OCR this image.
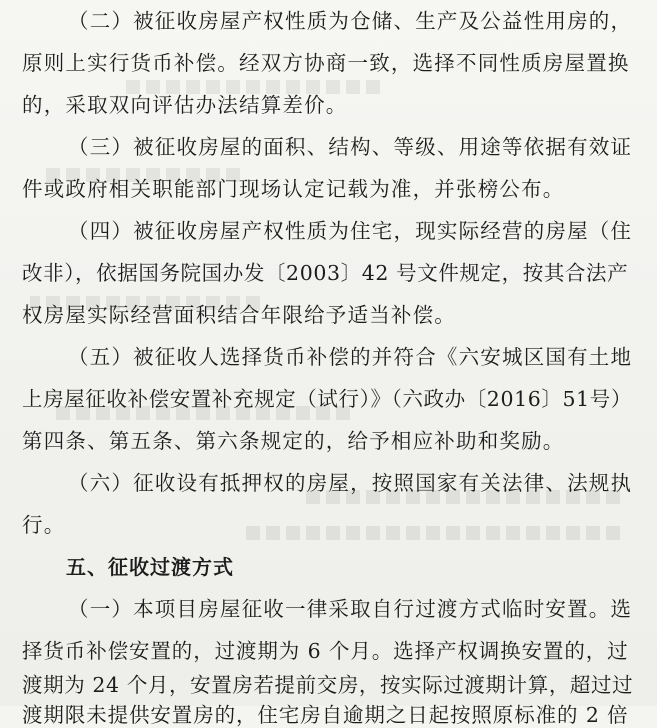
（二）被征收房屋产权性质为仓储、生产及公益性用房的，

原则上实行货币补偿。经双方协商一致，选择不同性质房屋置换

的，采取双向评估办法结算差价。

（三）被征收房屋的面积、结构、等级、用途等依据有效证

件或政府相关职能部门现场认定记载为准，并张榜公布。

（四）被征收房屋产权性质为住宅，现实际经营的房屋（住

改非），依据国务院国办发〔2003〕42 号文件规定，按其合法产

权房屋实际经营面积结合年限给予适当补偿。

（五）被征收人选择货币补偿的并符合《六安城区国有土地

上房屋征收补偿安置补充规定（试行）》（六政办〔2016〕51号）

第四条、第五条、第六条规定的，给予相应补助和奖励。

（六）征收设有抵押权的房屋，按照国家有关法律、法规执

行。

五、征收过渡方式

（一）本项目房屋征收一律采取自行过渡方式临时安置。选

择货币补偿安置的，过渡期为 6 个月。选择产权调换安置的，过

渡期为 24 个月，安置房若提前交房，按实际过渡期计算，超过过

渡期限未提供安置房的，住宅房自逾期之日起按照原标准的 2 倍
